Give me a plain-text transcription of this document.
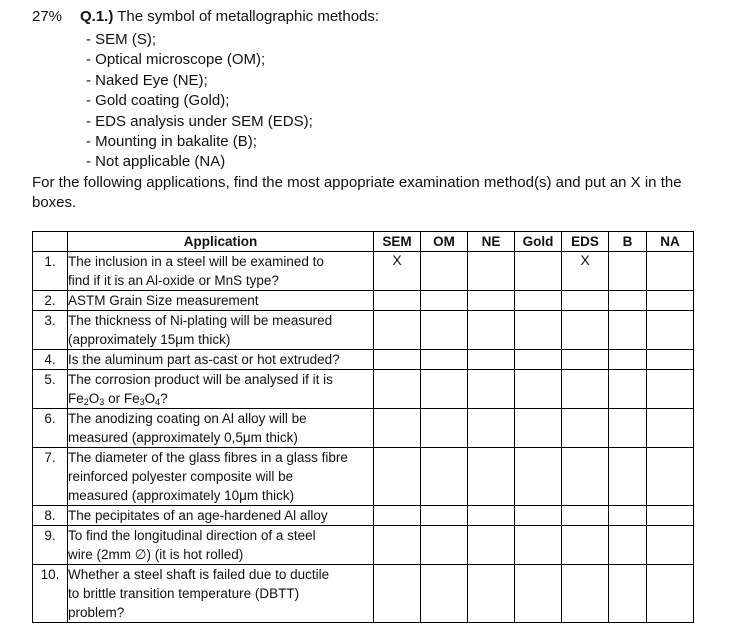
27% Q.1.) The symbol of metallographic methods:
- SEM (S);
- Optical microscope (OM);
- Naked Eye (NE);
- Gold coating (Gold);
- EDS analysis under SEM (EDS);
- Mounting in bakalite (B);
- Not applicable (NA)
For the following applications, find the most appopriate examination method(s) and put an X in the boxes.
	Application	SEM	OM	NE	Gold	EDS	B	NA
1.	The inclusion in a steel will be examined to
find if it is an Al-oxide or MnS type?	X				X		
2.	ASTM Grain Size measurement							

3.	The thickness of Ni-plating will be measured
(approximately 15μm thick)							

4.	Is the aluminum part as-cast or hot extruded?							

5.	The corrosion product will be analysed if it is
$Fe_2O_3$ or $Fe_3O_4$?							

6.	The anodizing coating on Al alloy will be
measured (approximately 0,5μm thick)							

7.	The diameter of the glass fibres in a glass fibre
reinforced polyester composite will be
measured (approximately 10μm thick)							

8.	The pecipitates of an age-hardened Al alloy							

9.	To find the longitudinal direction of a steel
wire (2mm ∅) (it is hot rolled)							

10.	Whether a steel shaft is failed due to ductile
to brittle transition temperature (DBTT)
problem?							
